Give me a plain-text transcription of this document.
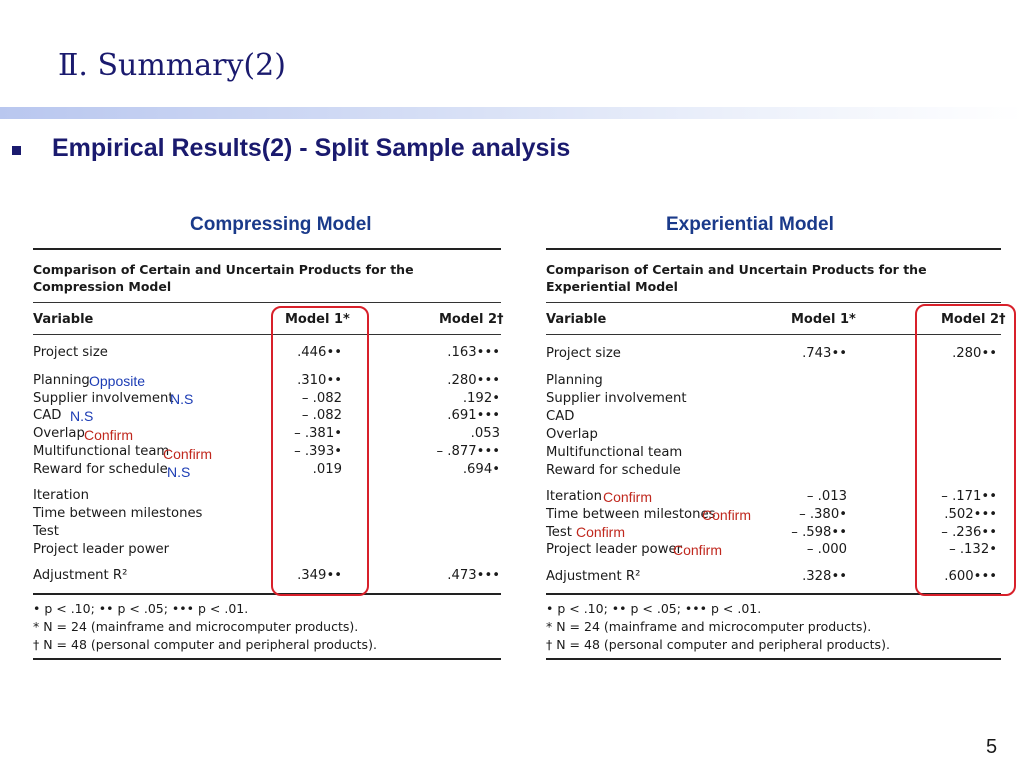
Ⅱ. Summary(2)
Empirical Results(2) - Split Sample analysis
Compressing Model
Comparison of Certain and Uncertain Products for the
Compression Model
Variable	Model 1*	Model 2†
Project size	.446••	.163•••
Planning	.310••	.280•••
Supplier involvement	– .082	.192•
CAD	– .082	.691•••
Overlap	– .381•	.053
Multifunctional team	– .393•	– .877•••
Reward for schedule	.019	.694•
Iteration
Time between milestones
Test
Project leader power
Adjustment R²	.349••	.473•••
• p < .10; •• p < .05; ••• p < .01.
* N = 24 (mainframe and microcomputer products).
† N = 48 (personal computer and peripheral products).
Opposite
N.S
N.S
Confirm
Confirm
N.S
Experiential Model
Comparison of Certain and Uncertain Products for the
Experiential Model
Variable	Model 1*	Model 2†
Project size	.743••	.280••
Planning
Supplier involvement
CAD
Overlap
Multifunctional team
Reward for schedule
Iteration	– .013	– .171••
Time between milestones	– .380•	.502•••
Test	– .598••	– .236••
Project leader power	– .000	– .132•
Adjustment R²	.328••	.600•••
• p < .10; •• p < .05; ••• p < .01.
* N = 24 (mainframe and microcomputer products).
† N = 48 (personal computer and peripheral products).
Confirm
Confirm
Confirm
Confirm
5
